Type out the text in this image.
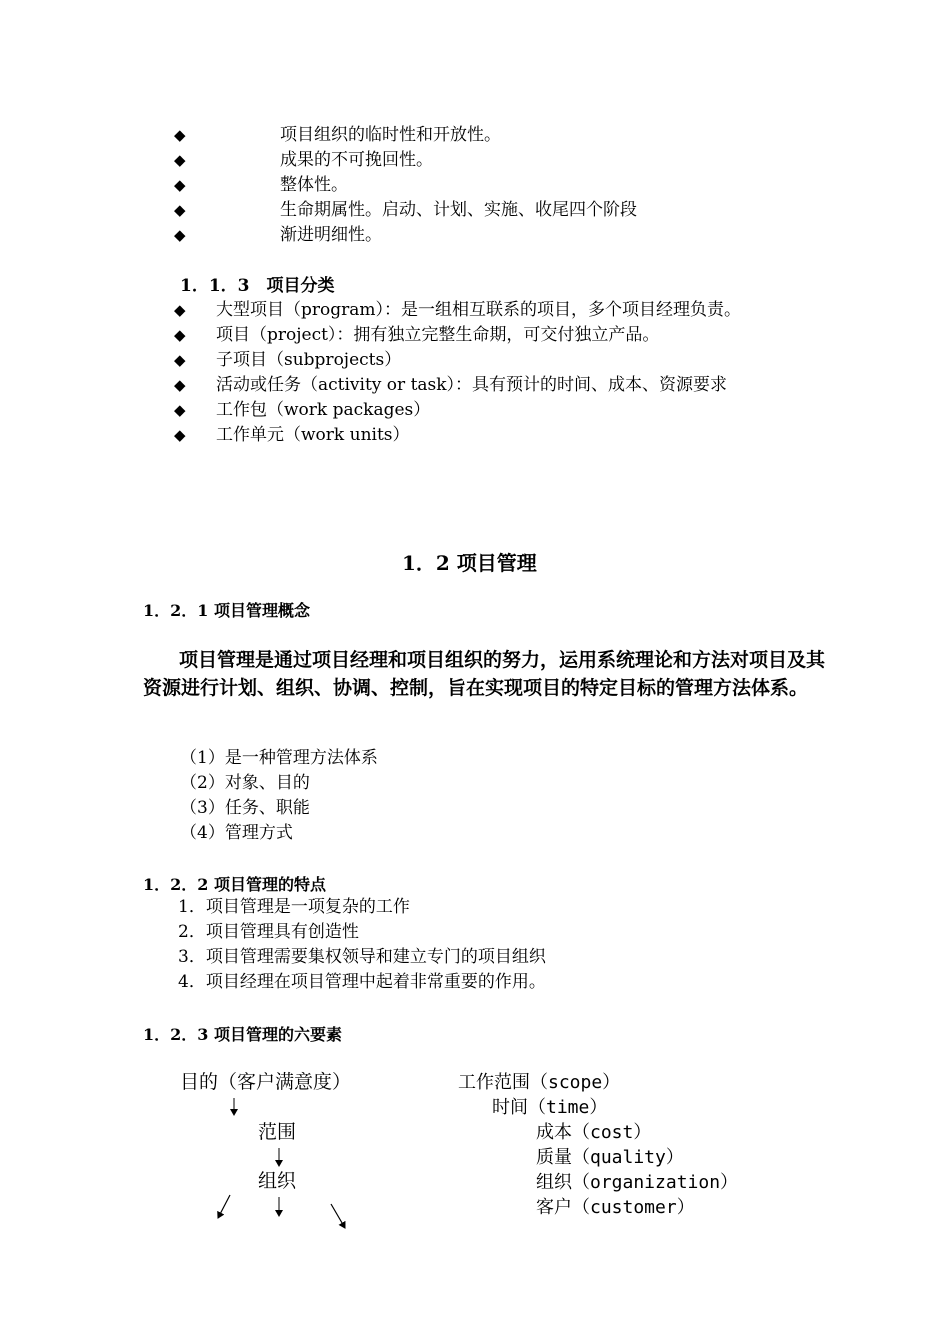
◆	项目组织的临时性和开放性。
◆	成果的不可挽回性。
◆	整体性。
◆	生命期属性。启动、计划、实施、收尾四个阶段
◆	渐进明细性。
1．1．3　项目分类
◆ 大型项目（program）：是一组相互联系的项目，多个项目经理负责。
◆ 项目（project）：拥有独立完整生命期，可交付独立产品。
◆ 子项目（subprojects）
◆ 活动或任务（activity or task）：具有预计的时间、成本、资源要求
◆ 工作包（work packages）
◆ 工作单元（work units）
1．2 项目管理
1．2．1 项目管理概念
项目管理是通过项目经理和项目组织的努力，运用系统理论和方法对项目及其资源进行计划、组织、协调、控制，旨在实现项目的特定目标的管理方法体系。
（1）是一种管理方法体系
（2）对象、目的
（3）任务、职能
（4）管理方式
1．2．2 项目管理的特点
1．项目管理是一项复杂的工作
2．项目管理具有创造性
3．项目管理需要集权领导和建立专门的项目组织
4．项目经理在项目管理中起着非常重要的作用。
1．2．3 项目管理的六要素
目的（客户满意度）
范围
组织
工作范围（scope）
时间（time）
成本（cost）
质量（quality）
组织（organization）
客户（customer）
